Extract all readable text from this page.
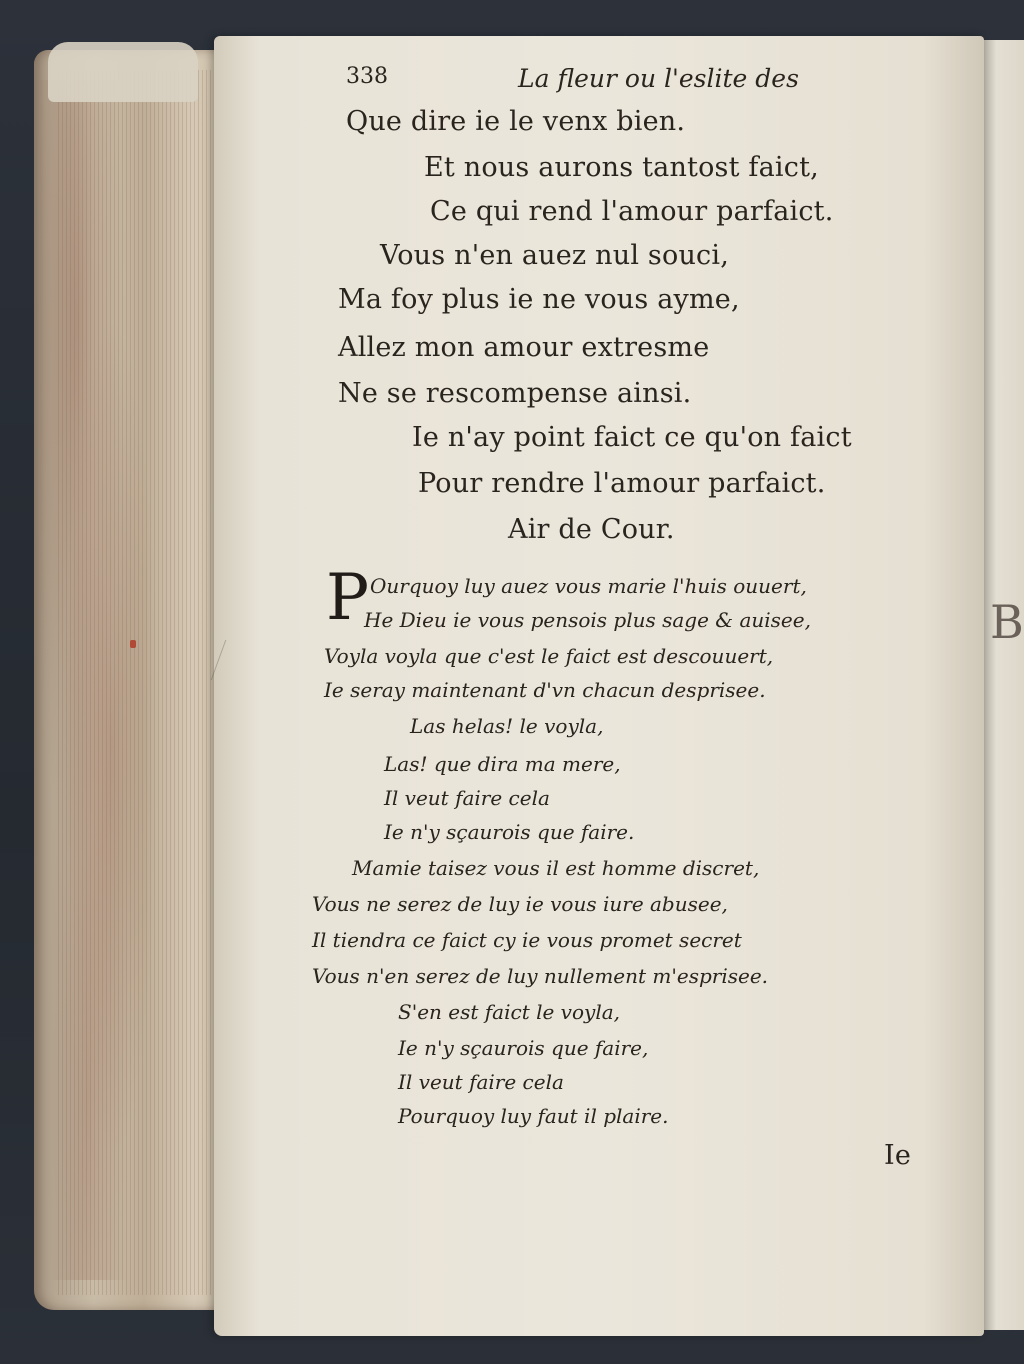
B
338	La fleur ou l'eslite des
Que dire ie le venx bien.
Et nous aurons tantost faict,
Ce qui rend l'amour parfaict.
Vous n'en auez nul souci,
Ma foy plus ie ne vous ayme,
Allez mon amour extresme
Ne se rescompense ainsi.
Ie n'ay point faict ce qu'on faict
Pour rendre l'amour parfaict.
Air de Cour.
P Ourquoy luy auez vous marie l'huis ouuert,
He Dieu ie vous pensois plus sage & auisee,
Voyla voyla que c'est le faict est descouuert,
Ie seray maintenant d'vn chacun desprisee.
Las helas! le voyla,
Las! que dira ma mere,
Il veut faire cela
Ie n'y sçaurois que faire.
Mamie taisez vous il est homme discret,
Vous ne serez de luy ie vous iure abusee,
Il tiendra ce faict cy ie vous promet secret
Vous n'en serez de luy nullement m'esprisee.
S'en est faict le voyla,
Ie n'y sçaurois que faire,
Il veut faire cela
Pourquoy luy faut il plaire.
Ie
